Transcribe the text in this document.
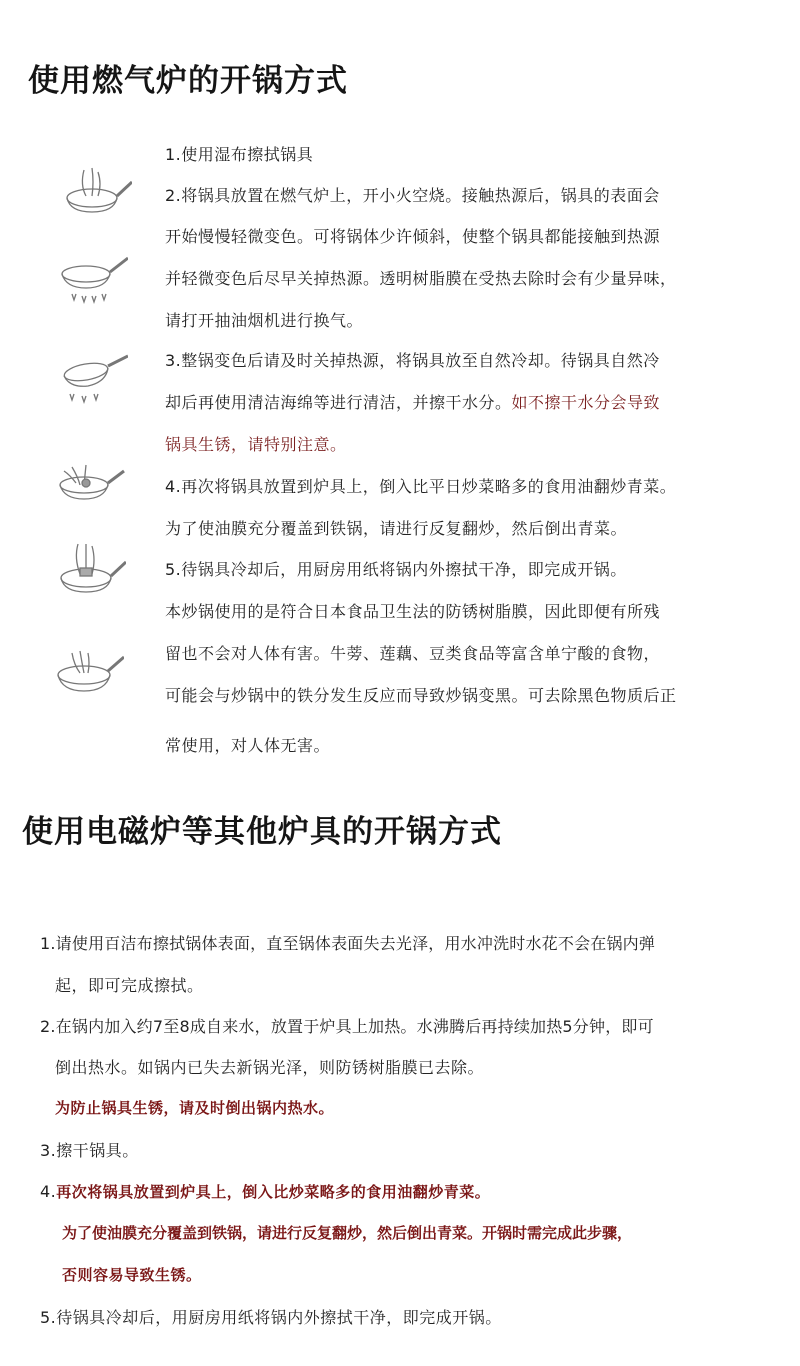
使用燃气炉的开锅方式
1.使用湿布擦拭锅具
2.将锅具放置在燃气炉上，开小火空烧。接触热源后，锅具的表面会
开始慢慢轻微变色。可将锅体少许倾斜，使整个锅具都能接触到热源
并轻微变色后尽早关掉热源。透明树脂膜在受热去除时会有少量异味，
请打开抽油烟机进行换气。
3.整锅变色后请及时关掉热源，将锅具放至自然冷却。待锅具自然冷
却后再使用清洁海绵等进行清洁，并擦干水分。如不擦干水分会导致
锅具生锈，请特别注意。
4.再次将锅具放置到炉具上，倒入比平日炒菜略多的食用油翻炒青菜。
为了使油膜充分覆盖到铁锅，请进行反复翻炒，然后倒出青菜。
5.待锅具冷却后，用厨房用纸将锅内外擦拭干净，即完成开锅。
本炒锅使用的是符合日本食品卫生法的防锈树脂膜，因此即便有所残
留也不会对人体有害。牛蒡、莲藕、豆类食品等富含单宁酸的食物，
可能会与炒锅中的铁分发生反应而导致炒锅变黑。可去除黑色物质后正
常使用，对人体无害。
使用电磁炉等其他炉具的开锅方式
1.请使用百洁布擦拭锅体表面，直至锅体表面失去光泽，用水冲洗时水花不会在锅内弹
起，即可完成擦拭。
2.在锅内加入约7至8成自来水，放置于炉具上加热。水沸腾后再持续加热5分钟，即可
倒出热水。如锅内已失去新锅光泽，则防锈树脂膜已去除。
为防止锅具生锈，请及时倒出锅内热水。
3.擦干锅具。
4.再次将锅具放置到炉具上，倒入比炒菜略多的食用油翻炒青菜。
为了使油膜充分覆盖到铁锅，请进行反复翻炒，然后倒出青菜。开锅时需完成此步骤，
否则容易导致生锈。
5.待锅具冷却后，用厨房用纸将锅内外擦拭干净，即完成开锅。
